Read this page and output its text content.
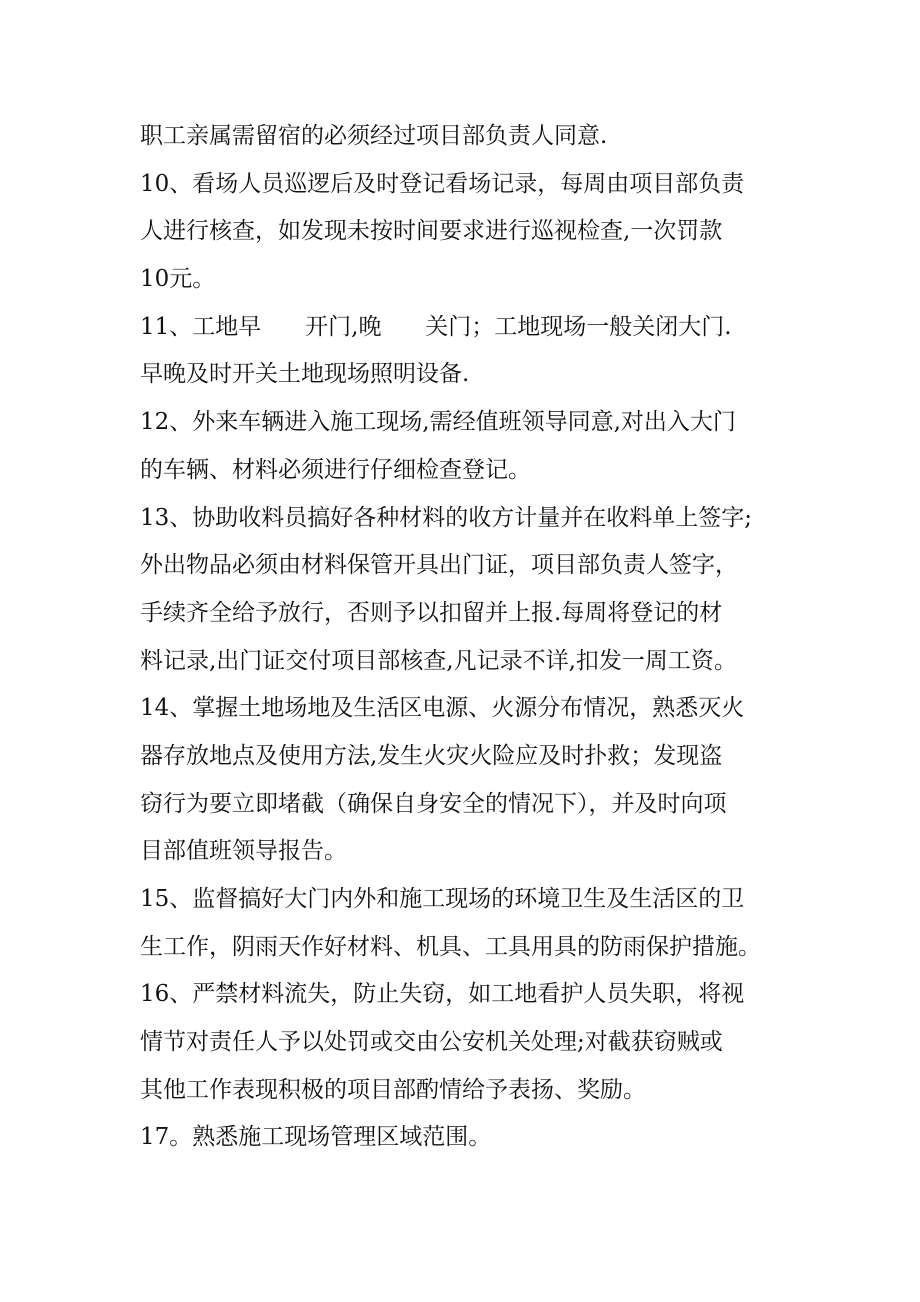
职工亲属需留宿的必须经过项目部负责人同意.
10、看场人员巡逻后及时登记看场记录，每周由项目部负责
人进行核查，如发现未按时间要求进行巡视检查,一次罚款
10元。
11、工地早      开门,晚      关门；工地现场一般关闭大门.
早晚及时开关土地现场照明设备.
12、外来车辆进入施工现场,需经值班领导同意,对出入大门
的车辆、材料必须进行仔细检查登记。
13、协助收料员搞好各种材料的收方计量并在收料单上签字;
外出物品必须由材料保管开具出门证，项目部负责人签字，
手续齐全给予放行，否则予以扣留并上报.每周将登记的材
料记录,出门证交付项目部核查,凡记录不详,扣发一周工资。
14、掌握土地场地及生活区电源、火源分布情况，熟悉灭火
器存放地点及使用方法,发生火灾火险应及时扑救；发现盗
窃行为要立即堵截（确保自身安全的情况下），并及时向项
目部值班领导报告。
15、监督搞好大门内外和施工现场的环境卫生及生活区的卫
生工作，阴雨天作好材料、机具、工具用具的防雨保护措施。
16、严禁材料流失，防止失窃，如工地看护人员失职，将视
情节对责任人予以处罚或交由公安机关处理;对截获窃贼或
其他工作表现积极的项目部酌情给予表扬、奖励。
17。熟悉施工现场管理区域范围。
